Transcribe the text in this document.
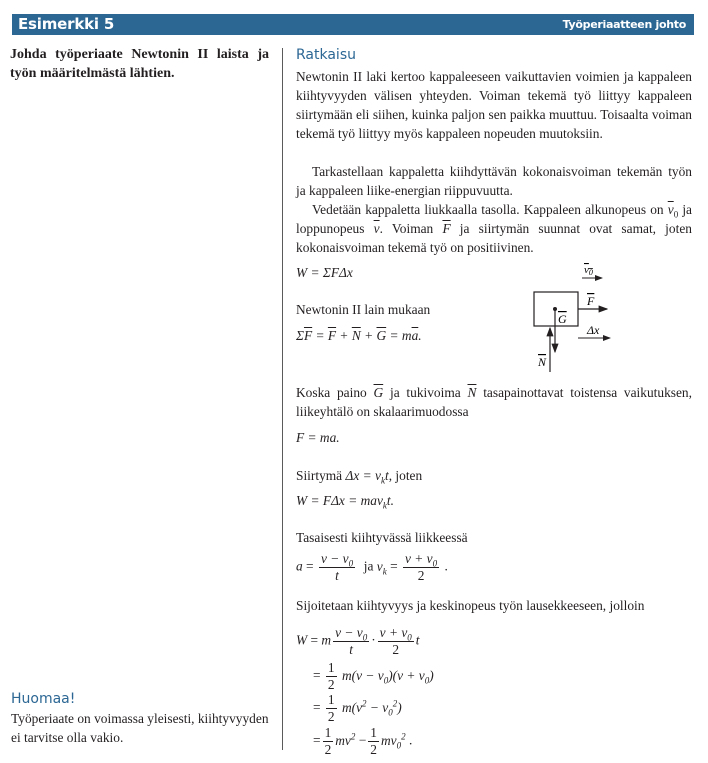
Esimerkki 5	Työperiaatteen johto
Johda työperiaate Newtonin II laista ja työn määritelmästä lähtien.
Huomaa!
Työperiaate on voimassa yleisesti, kiihtyvyyden ei tarvitse olla vakio.
Ratkaisu
Newtonin II laki kertoo kappaleeseen vaikuttavien voimien ja kappaleen kiihtyvyyden välisen yhteyden. Voiman tekemä työ liittyy kappaleen siirtymään eli siihen, kuinka paljon sen paikka muuttuu. Toisaalta voiman tekemä työ liittyy myös kappaleen nopeuden muutoksiin.
Tarkastellaan kappaletta kiihdyttävän kokonaisvoiman tekemän työn ja kappaleen liike-energian riippuvuutta.
Vedetään kappaletta liukkaalla tasolla. Kappaleen alkunopeus on $\overline{v}_0$ ja loppunopeus $\overline{v}$. Voiman $\overline{F}$ ja siirtymän suunnat ovat samat, joten kokonaisvoiman tekemä työ on positiivinen.
W = ΣFΔx
Newtonin II lain mukaan
$\Sigma\overline{F} = \overline{F} + \overline{N} + \overline{G} = m\overline{a}$.
v0
F
G
N
Δx
Koska paino $\overline{G}$ ja tukivoima $\overline{N}$ tasapainottavat toistensa vaikutuksen, liikeyhtälö on skalaarimuodossa
F = ma.
Siirtymä $\Delta x = v_kt$, joten
W = FΔx = mav$_k$t.
Tasaisesti kiihtyvässä liikkeessä
$a = \frac{v - v_0}{t}$ ja $v_k = \frac{v + v_0}{2}$ .
Sijoitetaan kiihtyvyys ja keskinopeus työn lausekkeeseen, jolloin
W = m $\frac{v - v_0}{t} \cdot \frac{v + v_0}{2}$ t
= $\frac{1}{2} m(v - v_0)(v + v_0)$
= $\frac{1}{2} m(v^2 - v_0^2)$
= $\frac{1}{2} mv^2 - \frac{1}{2} mv_0^2$ .
